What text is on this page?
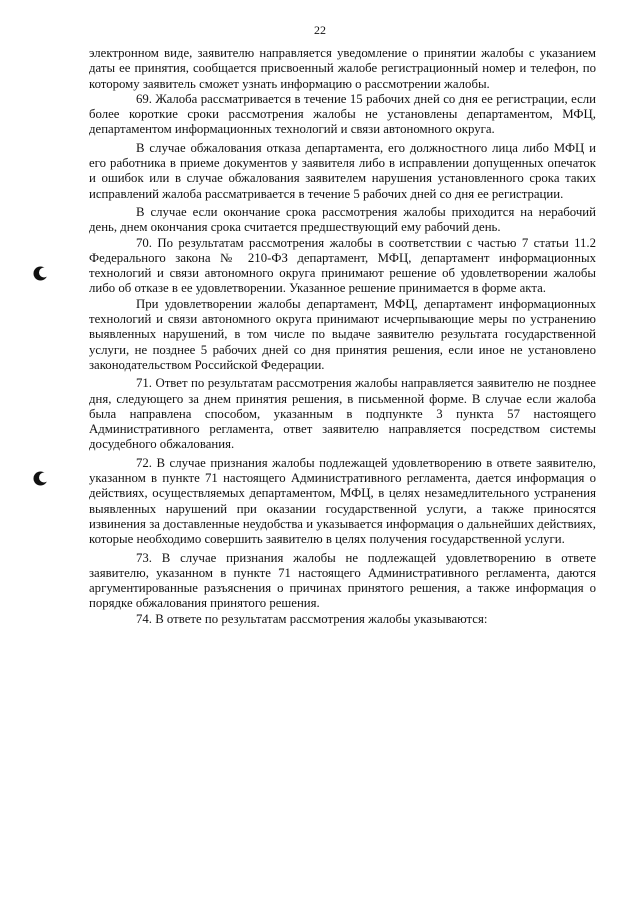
22

электронном виде, заявителю направляется уведомление о принятии жалобы с указанием даты ее принятия, сообщается присвоенный жалобе регистрационный номер и телефон, по которому заявитель сможет узнать информацию о рассмотрении жалобы.

69. Жалоба рассматривается в течение 15 рабочих дней со дня ее регистрации, если более короткие сроки рассмотрения жалобы не установлены департаментом, МФЦ, департаментом информационных технологий и связи автономного округа.

В случае обжалования отказа департамента, его должностного лица либо МФЦ и его работника в приеме документов у заявителя либо в исправлении допущенных опечаток и ошибок или в случае обжалования заявителем нарушения установленного срока таких исправлений жалоба рассматривается в течение 5 рабочих дней со дня ее регистрации.

В случае если окончание срока рассмотрения жалобы приходится на нерабочий день, днем окончания срока считается предшествующий ему рабочий день.

70. По результатам рассмотрения жалобы в соответствии с частью 7 статьи 11.2 Федерального закона № 210-ФЗ департамент, МФЦ, департамент информационных технологий и связи автономного округа принимают решение об удовлетворении жалобы либо об отказе в ее удовлетворении. Указанное решение принимается в форме акта.

При удовлетворении жалобы департамент, МФЦ, департамент информационных технологий и связи автономного округа принимают исчерпывающие меры по устранению выявленных нарушений, в том числе по выдаче заявителю результата государственной услуги, не позднее 5 рабочих дней со дня принятия решения, если иное не установлено законодательством Российской Федерации.

71. Ответ по результатам рассмотрения жалобы направляется заявителю не позднее дня, следующего за днем принятия решения, в письменной форме. В случае если жалоба была направлена способом, указанным в подпункте 3 пункта 57 настоящего Административного регламента, ответ заявителю направляется посредством системы досудебного обжалования.

72. В случае признания жалобы подлежащей удовлетворению в ответе заявителю, указанном в пункте 71 настоящего Административного регламента, дается информация о действиях, осуществляемых департаментом, МФЦ, в целях незамедлительного устранения выявленных нарушений при оказании государственной услуги, а также приносятся извинения за доставленные неудобства и указывается информация о дальнейших действиях, которые необходимо совершить заявителю в целях получения государственной услуги.

73. В случае признания жалобы не подлежащей удовлетворению в ответе заявителю, указанном в пункте 71 настоящего Административного регламента, даются аргументированные разъяснения о причинах принятого решения, а также информация о порядке обжалования принятого решения.

74. В ответе по результатам рассмотрения жалобы указываются:
